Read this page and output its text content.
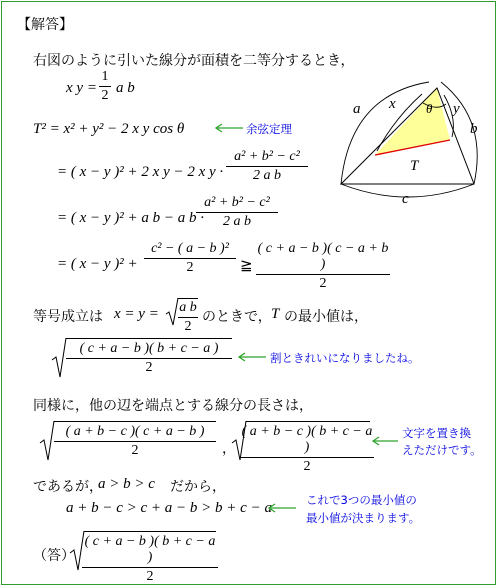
【解答】
右図のように引いた線分が面積を二等分するとき，
x y =
1
2 a b
T² = x² + y² − 2 x y cos θ	余弦定理
= ( x − y )² + 2 x y − 2 x y ·
a² + b² − c²
2 a b
= ( x − y )² + a b − a b ·
a² + b² − c²
2 a b
= ( x − y )² +
c² − ( a − b )²
2	≧
( c + a − b )( c − a + b )
2
等号成立は x = y = a b
2
のときで， T の最小値は，
( c + a − b )( b + c − a )
2
割ときれいになりましたね。
同様に，他の辺を端点とする線分の長さは，
( a + b − c )( c + a − b )
2	，
( a + b − c )( b + c − a )
2
文字を置き換
えただけです。
であるが，
a > b > c だから，
a + b − c > c + a − b > b + c − a	これで3つの最小値の
最小値が決まります。
（答）
( c + a − b )( b + c − a )
2
a x θ y
b
T
c
